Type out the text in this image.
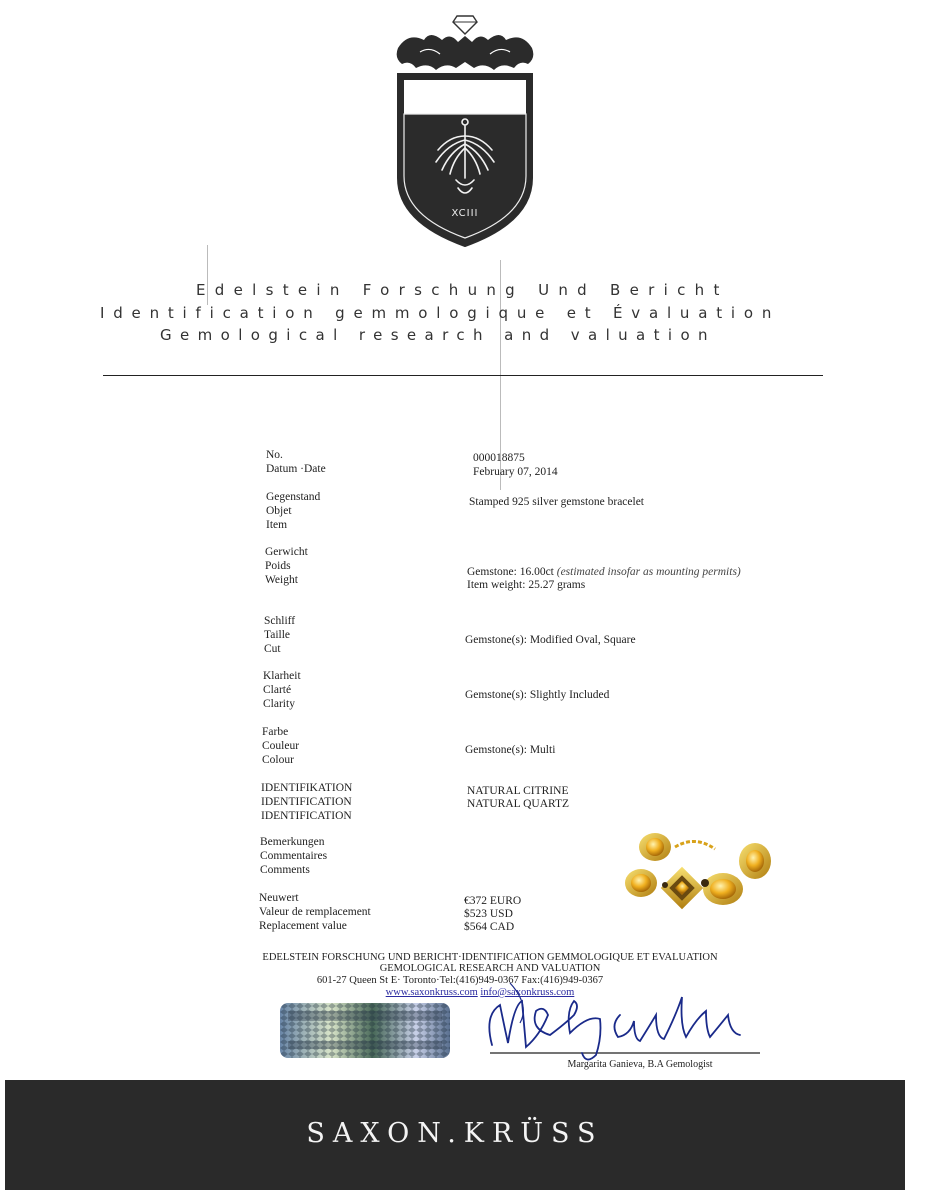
XCIII
Edelstein Forschung Und Bericht
Identification gemmologique et Évaluation
Gemological research and valuation
No.
Datum ·Date
000018875
February 07, 2014
Gegenstand
Objet
Item
Stamped 925 silver gemstone bracelet
Gerwicht
Poids
Weight
Gemstone: 16.00ct (estimated insofar as mounting permits)
Item weight: 25.27 grams
Schliff
Taille
Cut
Gemstone(s): Modified Oval, Square
Klarheit
Clarté
Clarity
Gemstone(s): Slightly Included
Farbe
Couleur
Colour
Gemstone(s): Multi
IDENTIFIKATION
IDENTIFICATION
IDENTIFICATION
NATURAL CITRINE
NATURAL QUARTZ
Bemerkungen
Commentaires
Comments
Neuwert
Valeur de remplacement
Replacement value
€372 EURO
$523 USD
$564 CAD
EDELSTEIN FORSCHUNG UND BERICHT·IDENTIFICATION GEMMOLOGIQUE ET EVALUATION
GEMOLOGICAL RESEARCH AND VALUATION
601-27 Queen St E· Toronto·Tel:(416)949-0367 Fax:(416)949-0367
www.saxonkruss.com info@saxonkruss.com
Margarita Ganieva, B.A Gemologist
SAXON.KRÜSS
